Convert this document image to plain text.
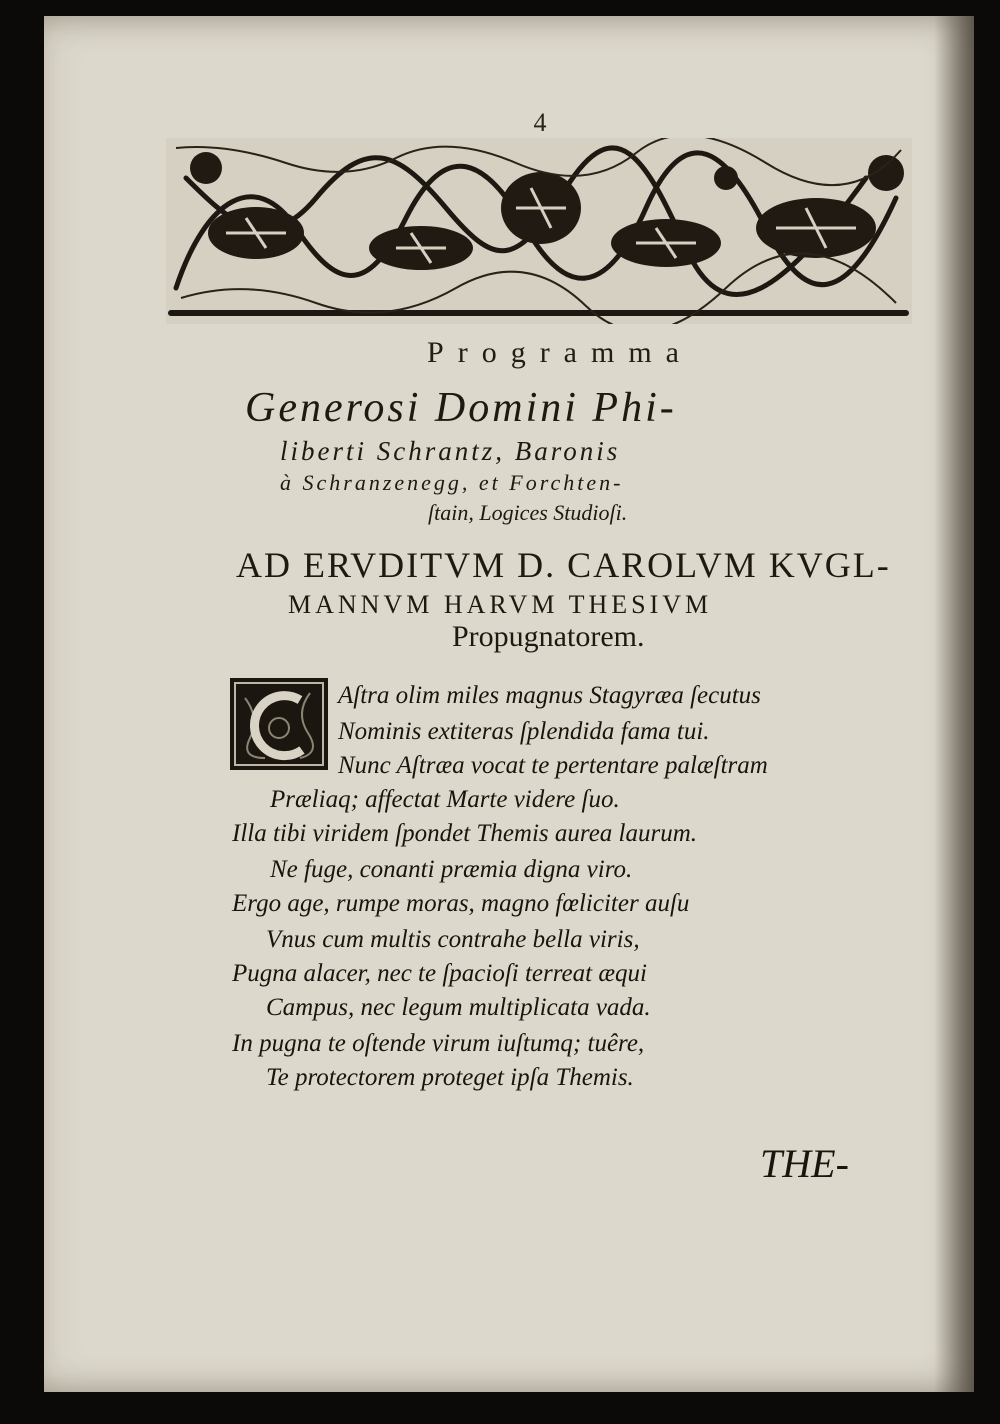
4
Programma
Generosi Domini Phi-
liberti Schrantz, Baronis
à Schranzenegg, et Forchten-
ſtain, Logices Studioſi.
AD ERVDITVM D. CAROLVM KVGL-
MANNVM HARVM THESIVM
Propugnatorem.
Aſtra olim miles magnus Stagyræa ſecutus
Nominis extiteras ſplendida fama tui.
Nunc Aſtræa vocat te pertentare palæſtram
Præliaq; affectat Marte videre ſuo.
Illa tibi viridem ſpondet Themis aurea laurum.
Ne fuge, conanti præmia digna viro.
Ergo age, rumpe moras, magno fœliciter auſu
Vnus cum multis contrahe bella viris,
Pugna alacer, nec te ſpacioſi terreat æqui
Campus, nec legum multiplicata vada.
In pugna te oſtende virum iuſtumq; tuêre,
Te protectorem proteget ipſa Themis.
THE-
